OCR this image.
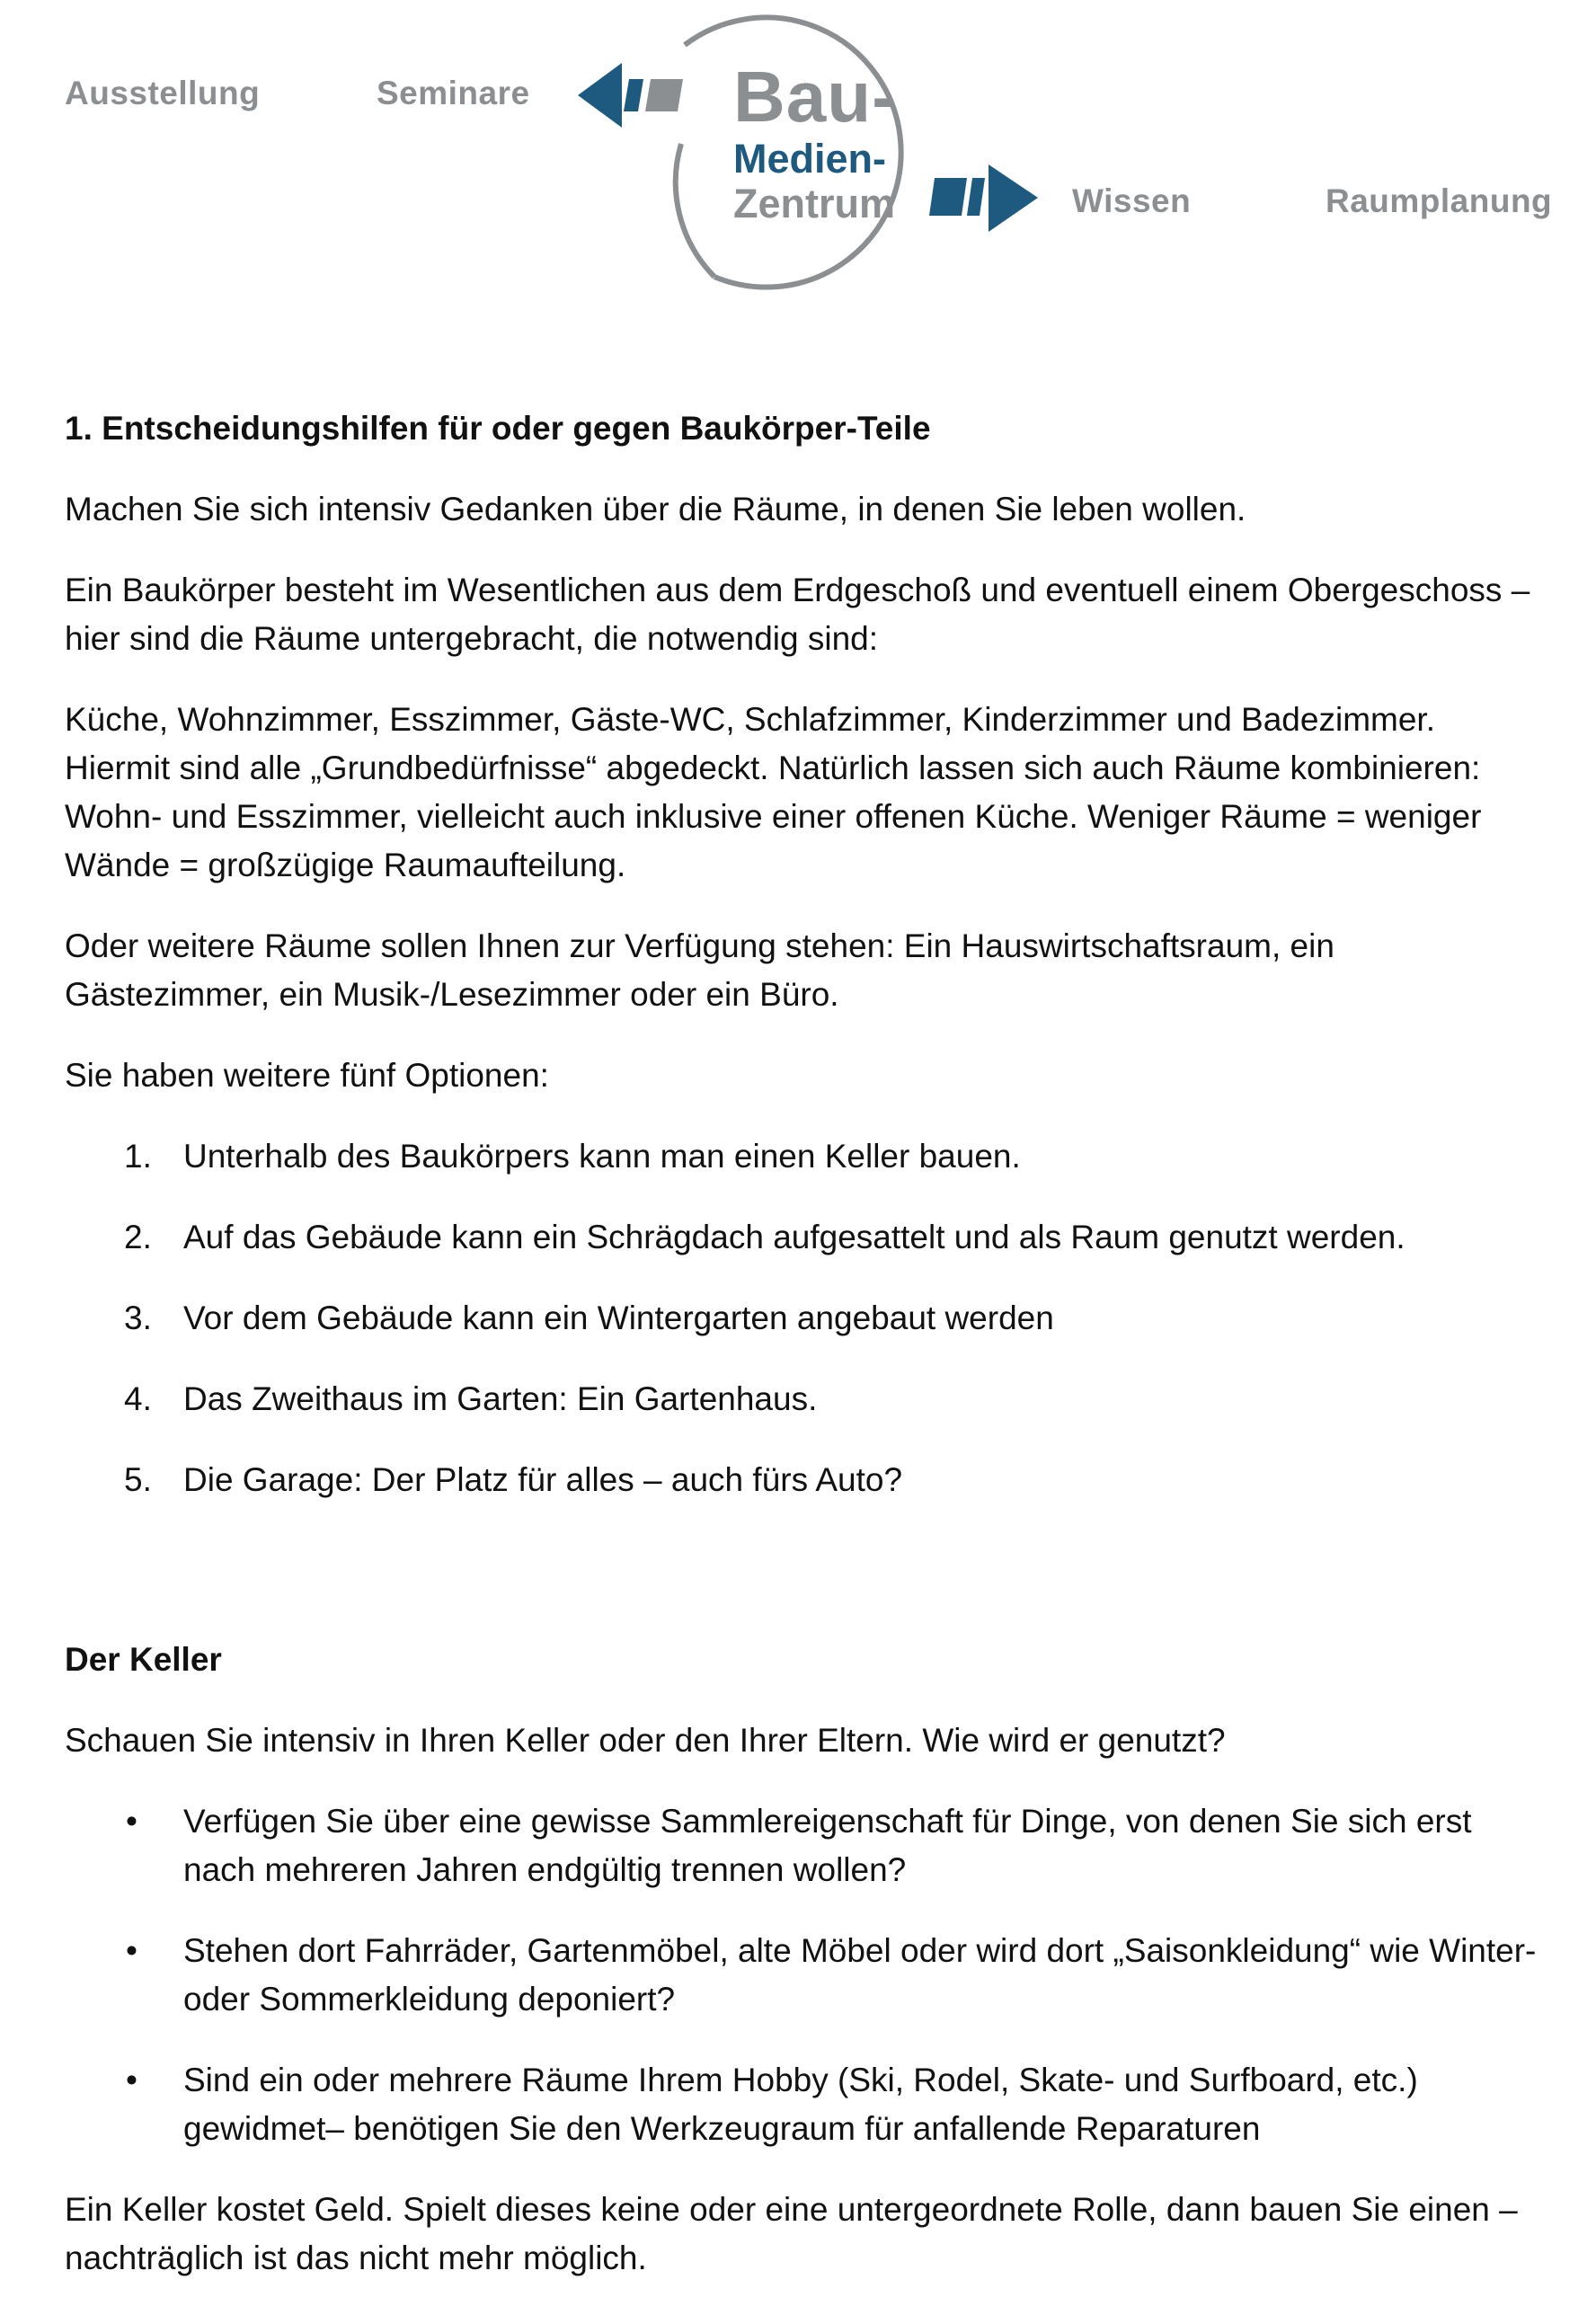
Ausstellung	Seminare	Bau-
Medien-
Zentrum	Wissen	Raumplanung
1. Entscheidungshilfen für oder gegen Baukörper-Teile

Machen Sie sich intensiv Gedanken über die Räume, in denen Sie leben wollen.

Ein Baukörper besteht im Wesentlichen aus dem Erdgeschoß und eventuell einem Obergeschoss – hier sind die Räume untergebracht, die notwendig sind:

Küche, Wohnzimmer, Esszimmer, Gäste-WC, Schlafzimmer, Kinderzimmer und Badezimmer. Hiermit sind alle „Grundbedürfnisse“ abgedeckt. Natürlich lassen sich auch Räume kombinieren: Wohn- und Esszimmer, vielleicht auch inklusive einer offenen Küche. Weniger Räume = weniger Wände = großzügige Raumaufteilung.

Oder weitere Räume sollen Ihnen zur Verfügung stehen: Ein Hauswirtschaftsraum, ein Gästezimmer, ein Musik-/Lesezimmer oder ein Büro.

Sie haben weitere fünf Optionen:

1. Unterhalb des Baukörpers kann man einen Keller bauen.
2. Auf das Gebäude kann ein Schrägdach aufgesattelt und als Raum genutzt werden.
3. Vor dem Gebäude kann ein Wintergarten angebaut werden
4. Das Zweithaus im Garten: Ein Gartenhaus.
5. Die Garage: Der Platz für alles – auch fürs Auto?
Der Keller

Schauen Sie intensiv in Ihren Keller oder den Ihrer Eltern. Wie wird er genutzt?

• Verfügen Sie über eine gewisse Sammlereigenschaft für Dinge, von denen Sie sich erst nach mehreren Jahren endgültig trennen wollen?
• Stehen dort Fahrräder, Gartenmöbel, alte Möbel oder wird dort „Saisonkleidung“ wie Winter- oder Sommerkleidung deponiert?
• Sind ein oder mehrere Räume Ihrem Hobby (Ski, Rodel, Skate- und Surfboard, etc.) gewidmet– benötigen Sie den Werkzeugraum für anfallende Reparaturen

Ein Keller kostet Geld. Spielt dieses keine oder eine untergeordnete Rolle, dann bauen Sie einen – nachträglich ist das nicht mehr möglich.
